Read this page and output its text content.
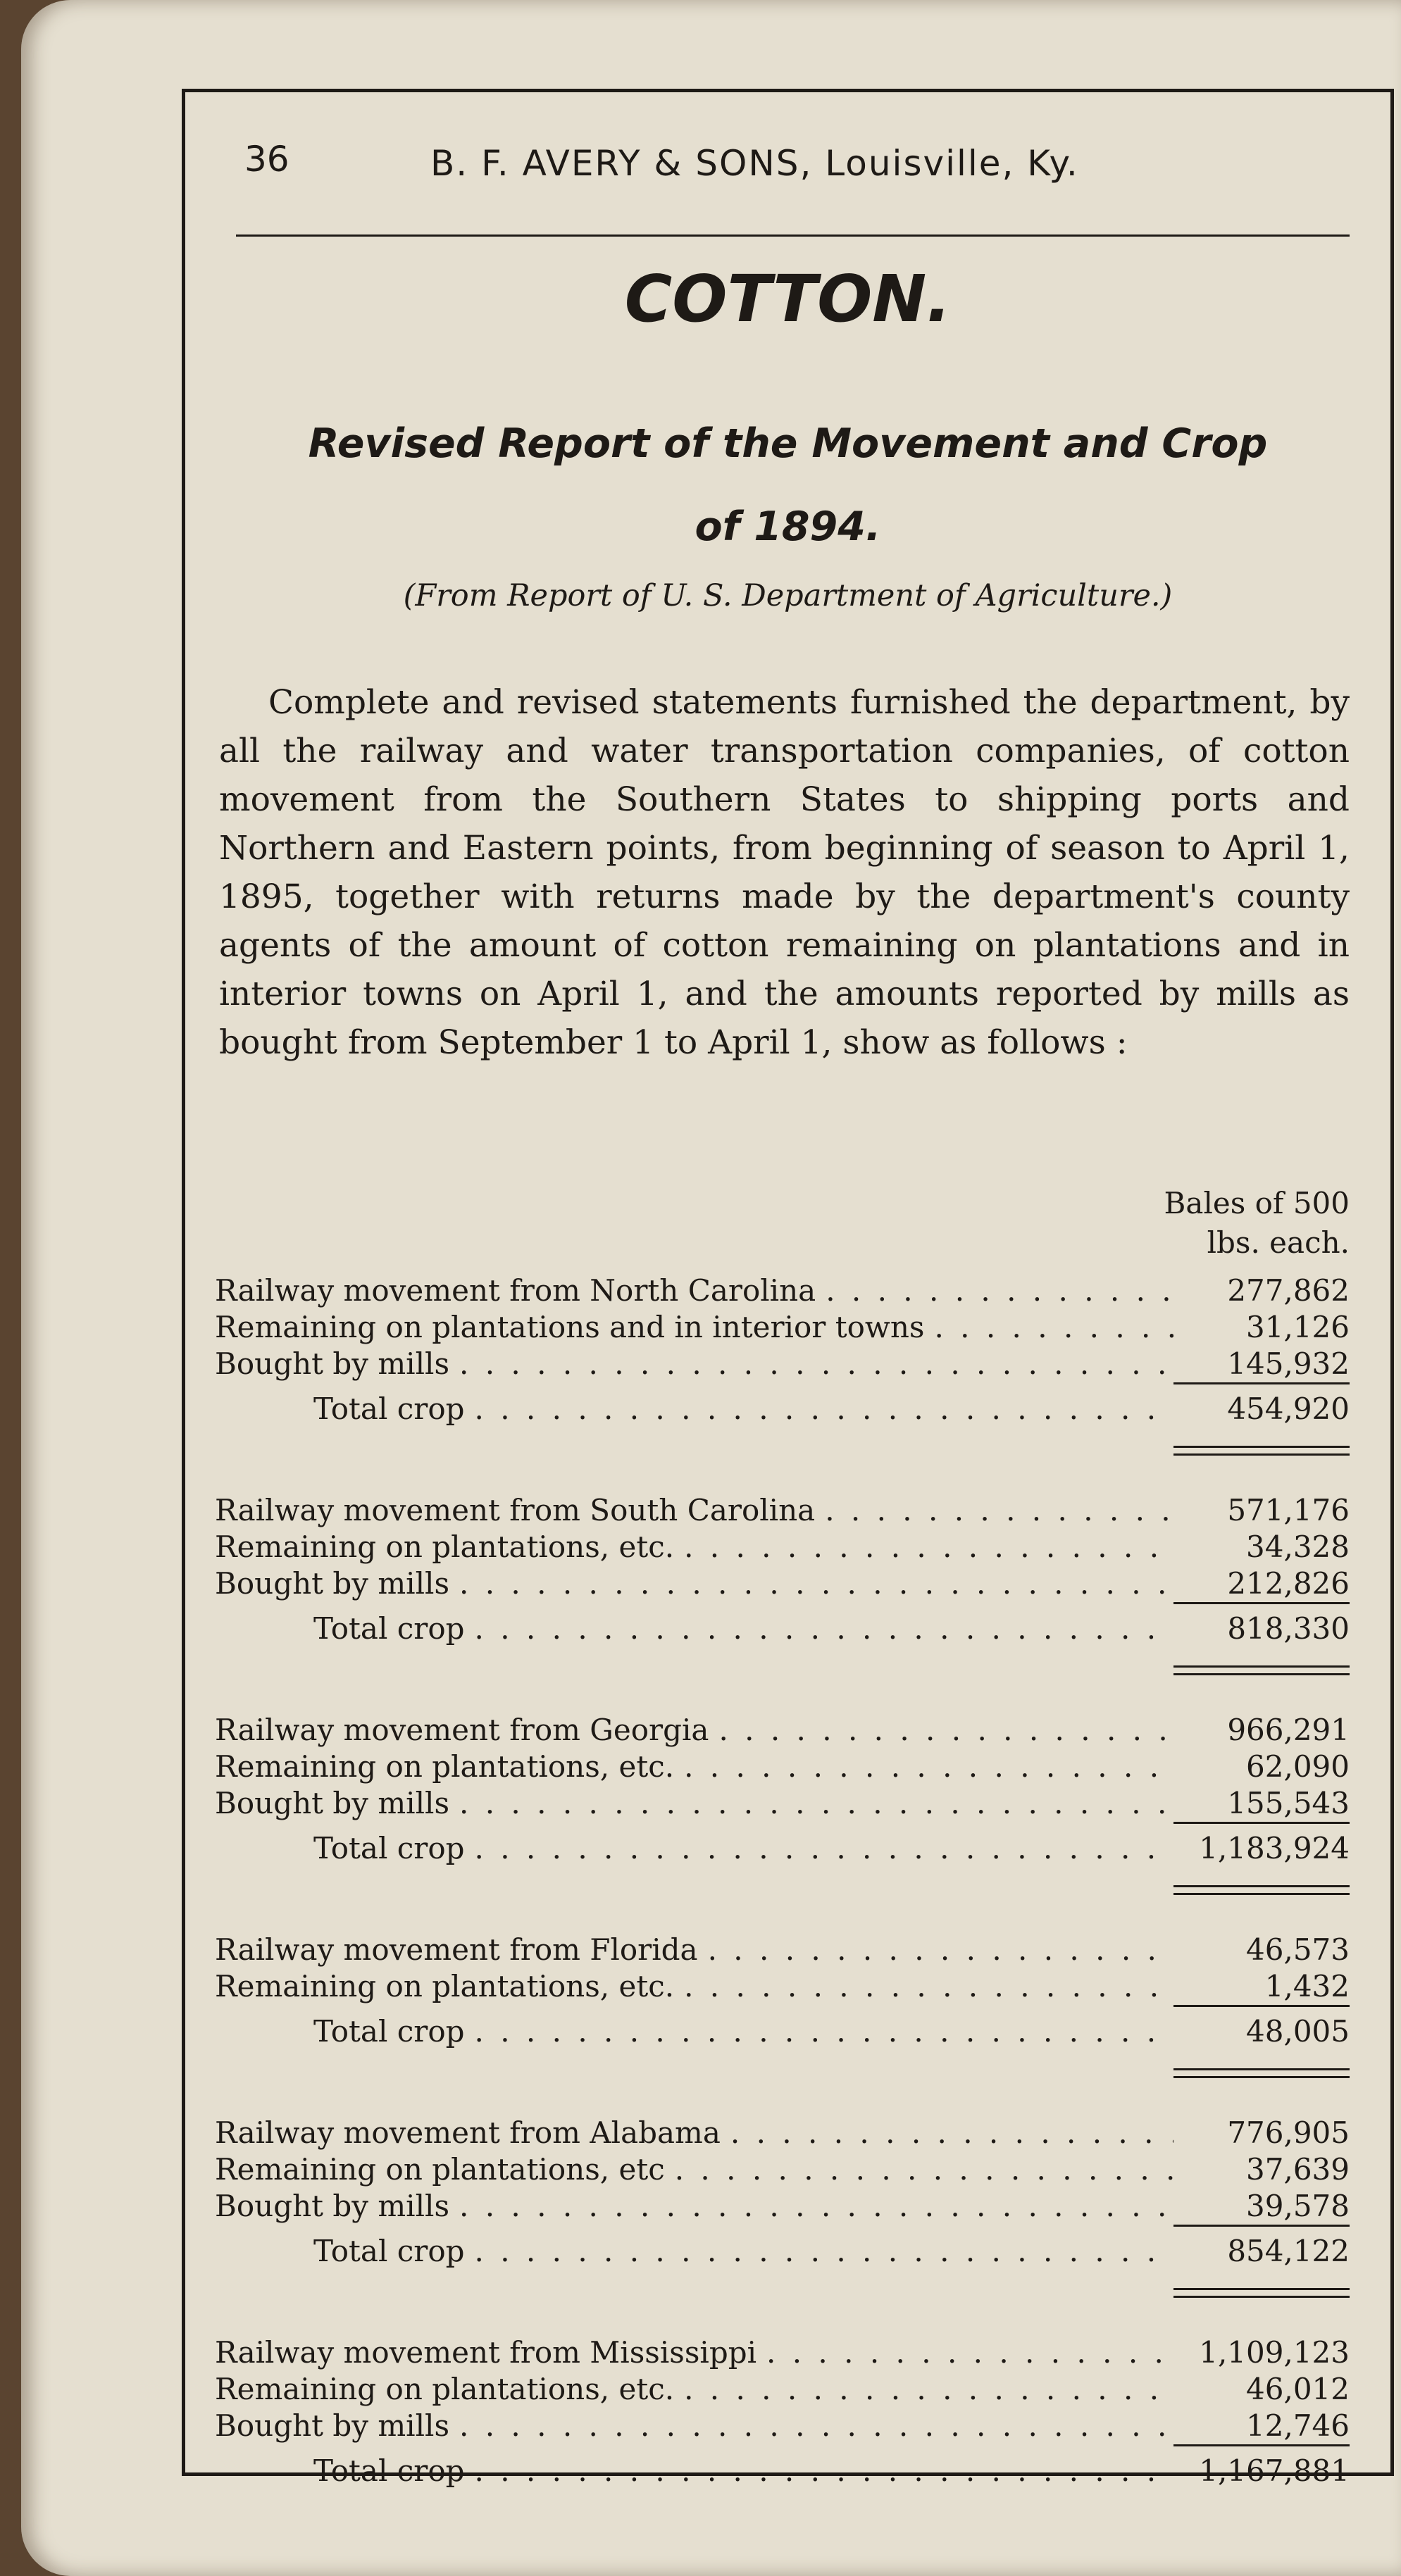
36	B. F. AVERY & SONS, Louisville, Ky.
COTTON.
Revised Report of the Movement and Crop
of 1894.
(From Report of U. S. Department of Agriculture.)

Complete and revised statements furnished the department, by all the railway and water transportation companies, of cotton movement from the Southern States to shipping ports and Northern and Eastern points, from beginning of season to April 1, 1895, together with returns made by the department's county agents of the amount of cotton remaining on plantations and in interior towns on April 1, and the amounts reported by mills as bought from September 1 to April 1, show as follows :

Bales of 500
lbs. each.
Railway movement from North Carolina . . .	277,862
Remaining on plantations and in interior towns . . .	31,126
Bought by mills . . .	145,932
Total crop . . .	454,920
Railway movement from South Carolina . . .	571,176
Remaining on plantations, etc. . . .	34,328
Bought by mills . . .	212,826
Total crop . . .	818,330
Railway movement from Georgia . . .	966,291
Remaining on plantations, etc. . . .	62,090
Bought by mills . . .	155,543
Total crop . . .	1,183,924
Railway movement from Florida . . .	46,573
Remaining on plantations, etc. . . .	1,432
Total crop . . .	48,005
Railway movement from Alabama . . .	776,905
Remaining on plantations, etc . . .	37,639
Bought by mills . . .	39,578
Total crop . . .	854,122
Railway movement from Mississippi . . .	1,109,123
Remaining on plantations, etc. . . .	46,012
Bought by mills . . .	12,746
Total crop . . .	1,167,881
